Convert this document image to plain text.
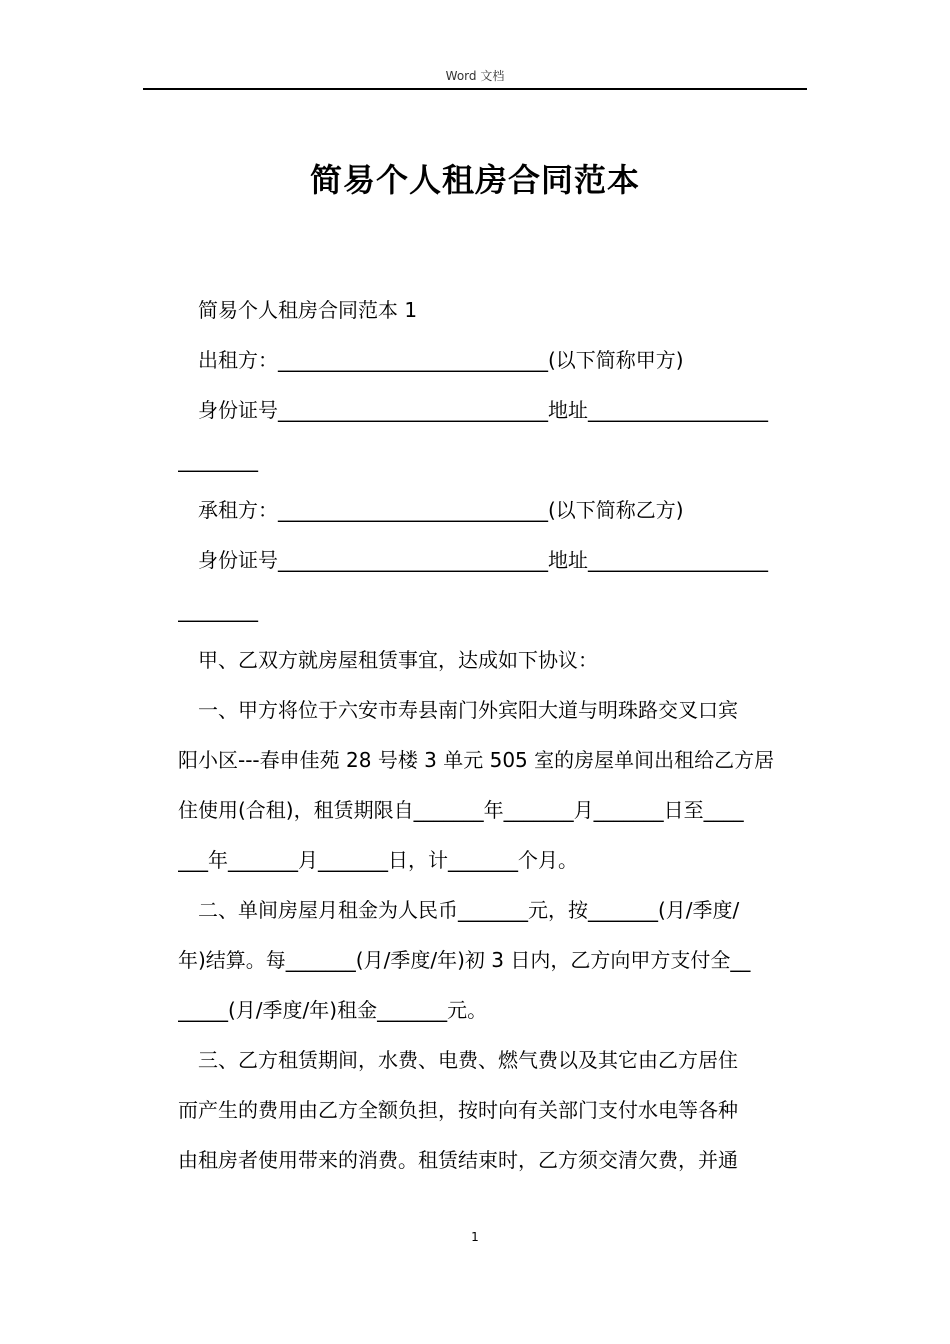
Word 文档
简易个人租房合同范本
简易个人租房合同范本 1
出租方：___________________________(以下简称甲方)
身份证号___________________________地址__________________
________
承租方：___________________________(以下简称乙方)
身份证号___________________________地址__________________
________
甲、乙双方就房屋租赁事宜，达成如下协议：
一、甲方将位于六安市寿县南门外宾阳大道与明珠路交叉口宾
阳小区---春申佳苑 28 号楼 3 单元 505 室的房屋单间出租给乙方居
住使用(合租)，租赁期限自_______年_______月_______日至____
___年_______月_______日，计_______个月。
二、单间房屋月租金为人民币_______元，按_______(月/季度/
年)结算。每_______(月/季度/年)初 3 日内，乙方向甲方支付全__
_____(月/季度/年)租金_______元。
三、乙方租赁期间，水费、电费、燃气费以及其它由乙方居住
而产生的费用由乙方全额负担，按时向有关部门支付水电等各种
由租房者使用带来的消费。租赁结束时，乙方须交清欠费，并通
1
